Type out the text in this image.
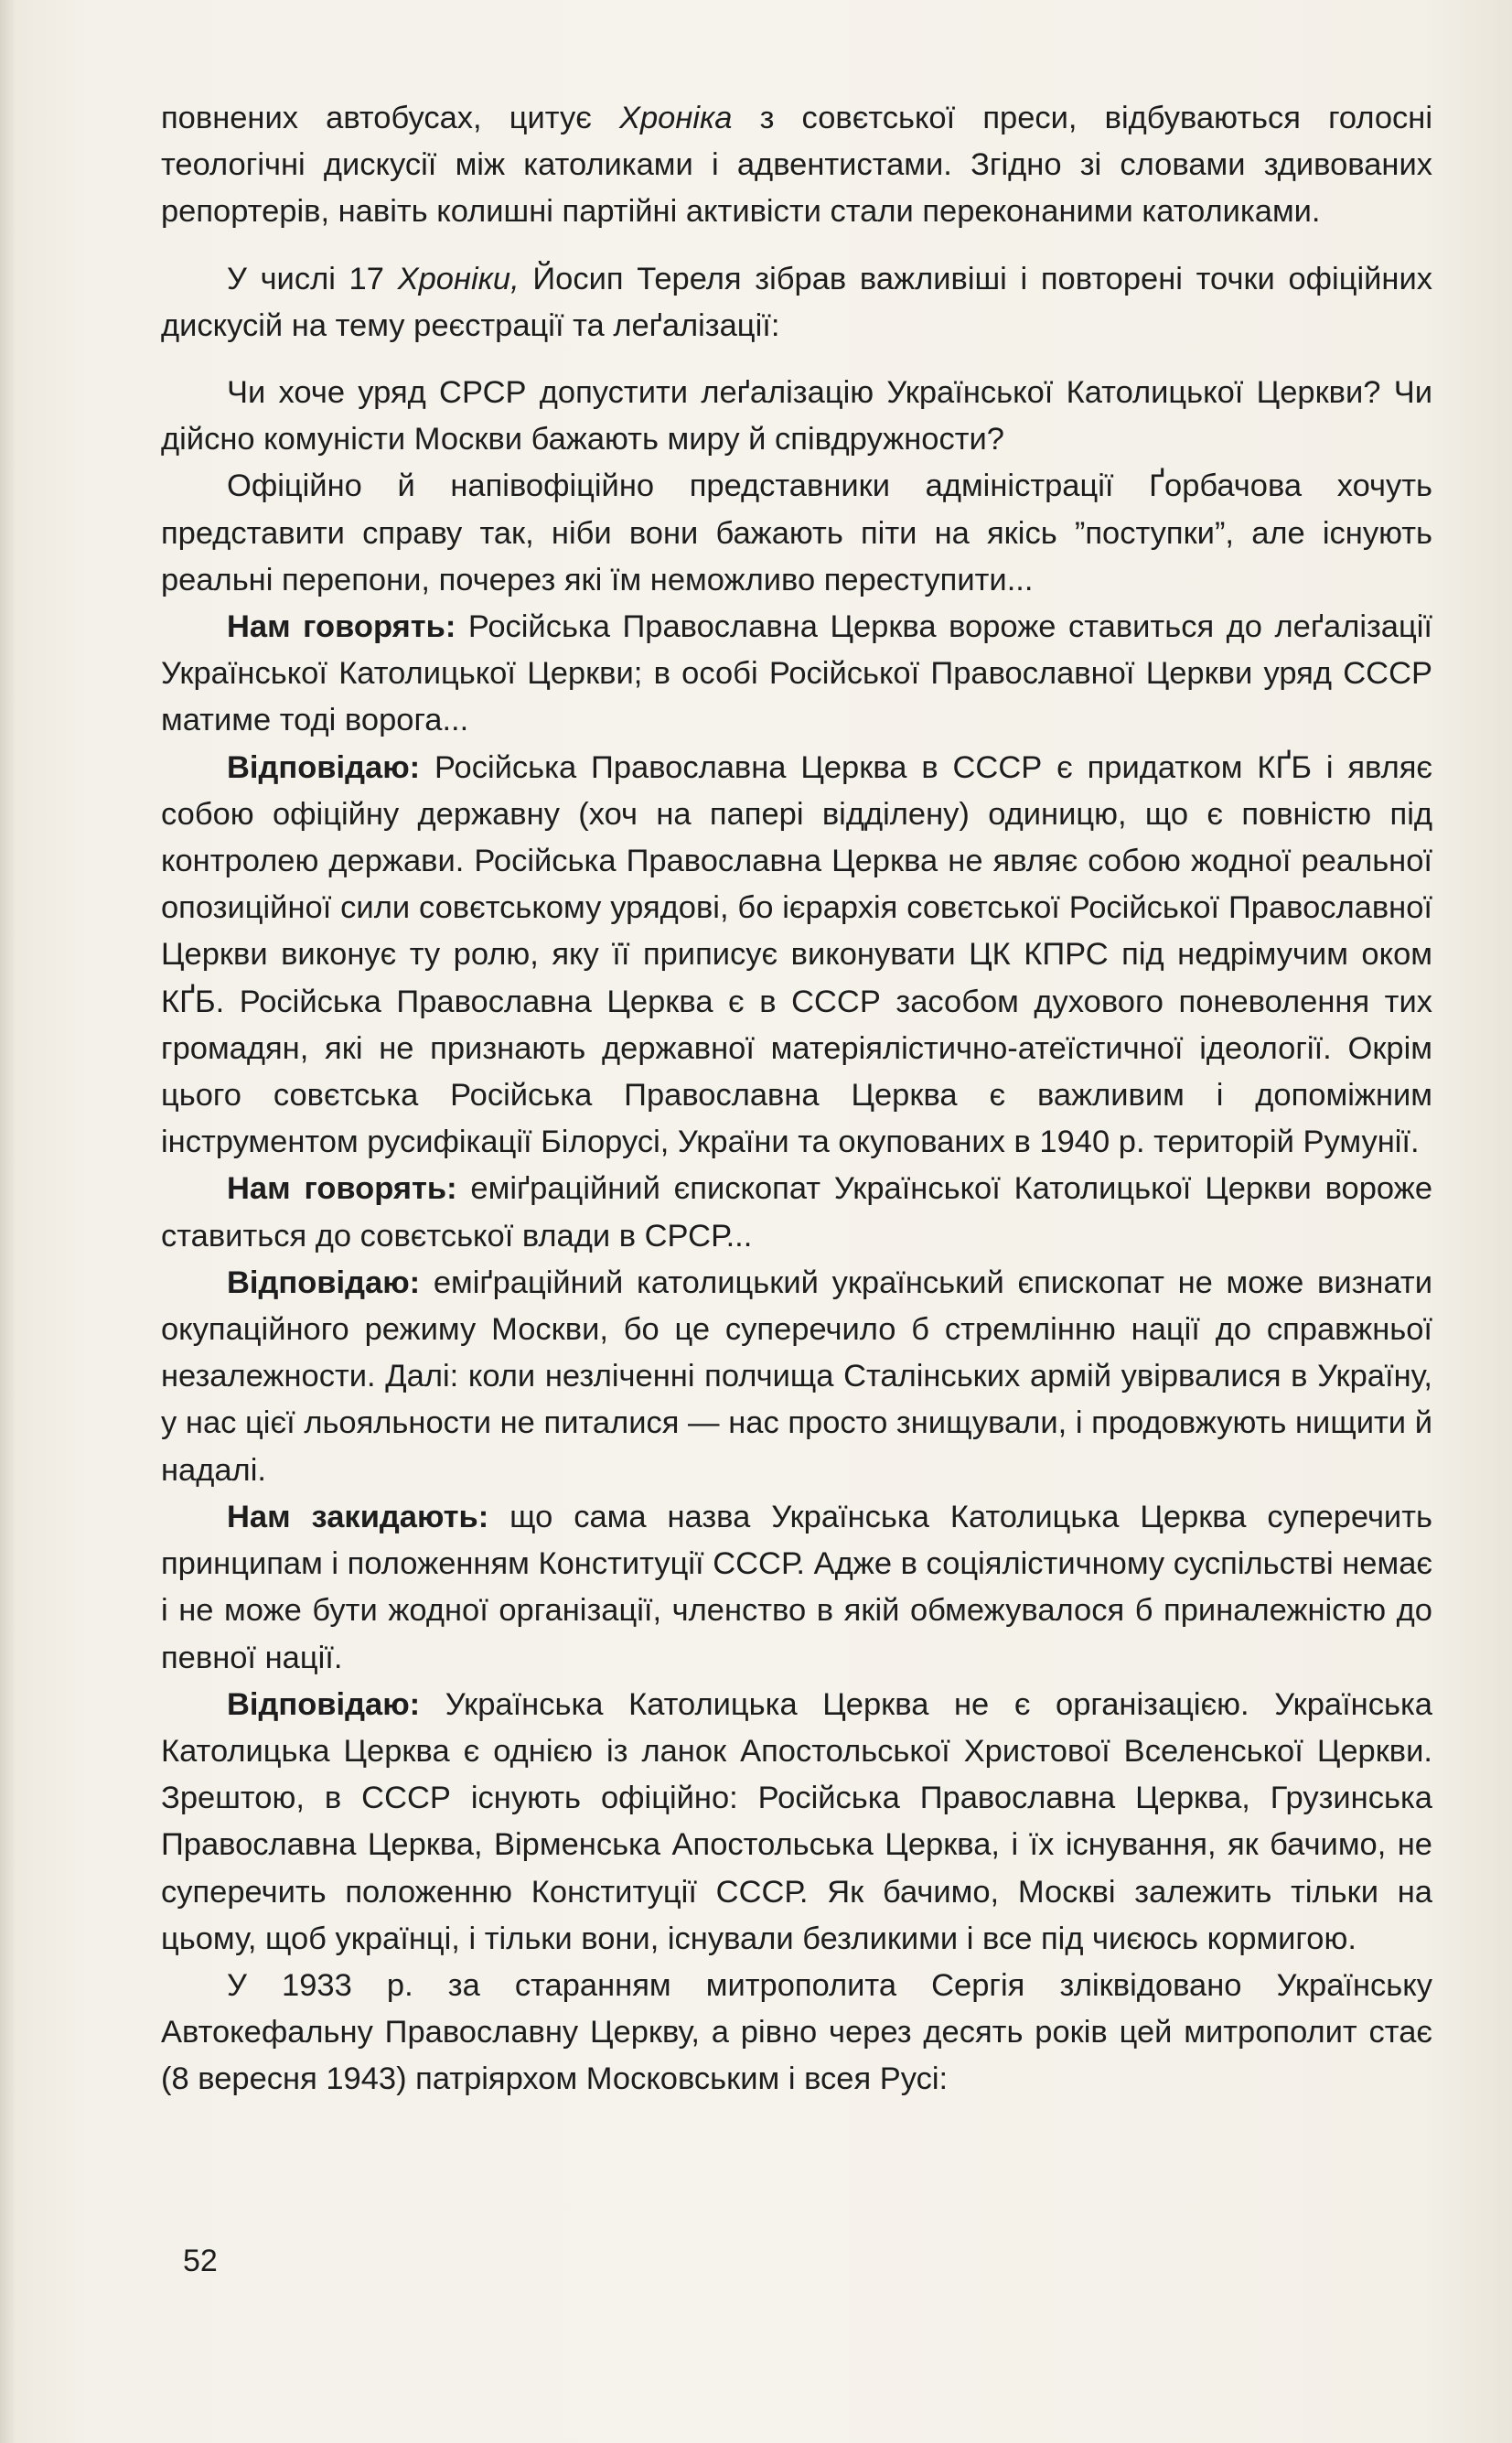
повнених автобусах, цитує Хроніка з совєтської преси, відбуваються голосні теологічні дискусії між католиками і адвентистами. Згідно зі словами здивованих репортерів, навіть колишні партійні активісти стали переконаними католиками.

У числі 17 Хроніки, Йосип Тереля зібрав важливіші і повторені точки офіційних дискусій на тему реєстрації та леґалізації:

Чи хоче уряд СРСР допустити леґалізацію Української Католицької Церкви? Чи дійсно комуністи Москви бажають миру й співдружности?

Офіційно й напівофіційно представники адміністрації Ґорбачова хочуть представити справу так, ніби вони бажають піти на якісь ”поступки”, але існують реальні перепони, почерез які їм неможливо переступити...

Нам говорять: Російська Православна Церква вороже ставиться до леґалізації Української Католицької Церкви; в особі Російської Православної Церкви уряд СССР матиме тоді ворога...

Відповідаю: Російська Православна Церква в СССР є придатком КҐБ і являє собою офіційну державну (хоч на папері відділену) одиницю, що є повністю під контролею держави. Російська Православна Церква не являє собою жодної реальної опозиційної сили совєтському урядові, бо ієрархія совєтської Російської Православної Церкви виконує ту ролю, яку її приписує виконувати ЦК КПРС під недрімучим оком КҐБ. Російська Православна Церква є в СССР засобом духового поневолення тих громадян, які не признають державної матеріялістично-атеїстичної ідеології. Окрім цього совєтська Російська Православна Церква є важливим і допоміжним інструментом русифікації Білорусі, України та окупованих в 1940 р. територій Румунії.

Нам говорять: еміґраційний єпископат Української Католицької Церкви вороже ставиться до совєтської влади в СРСР...

Відповідаю: еміґраційний католицький український єпископат не може визнати окупаційного режиму Москви, бо це суперечило б стремлінню нації до справжньої незалежности. Далі: коли незліченні полчища Сталінських армій увірвалися в Україну, у нас цієї льояльности не питалися — нас просто знищували, і продовжують нищити й надалі.

Нам закидають: що сама назва Українська Католицька Церква суперечить принципам і положенням Конституції СССР. Адже в соціялістичному суспільстві немає і не може бути жодної організації, членство в якій обмежувалося б приналежністю до певної нації.

Відповідаю: Українська Католицька Церква не є організацією. Українська Католицька Церква є однією із ланок Апостольської Христової Вселенської Церкви. Зрештою, в СССР існують офіційно: Російська Православна Церква, Грузинська Православна Церква, Вірменська Апостольська Церква, і їх існування, як бачимо, не суперечить положенню Конституції СССР. Як бачимо, Москві залежить тільки на цьому, щоб українці, і тільки вони, існували безликими і все під чиєюсь кормигою.

У 1933 р. за старанням митрополита Сергія зліквідовано Українську Автокефальну Православну Церкву, а рівно через десять років цей митрополит стає (8 вересня 1943) патріярхом Московським і всея Русі:

52
